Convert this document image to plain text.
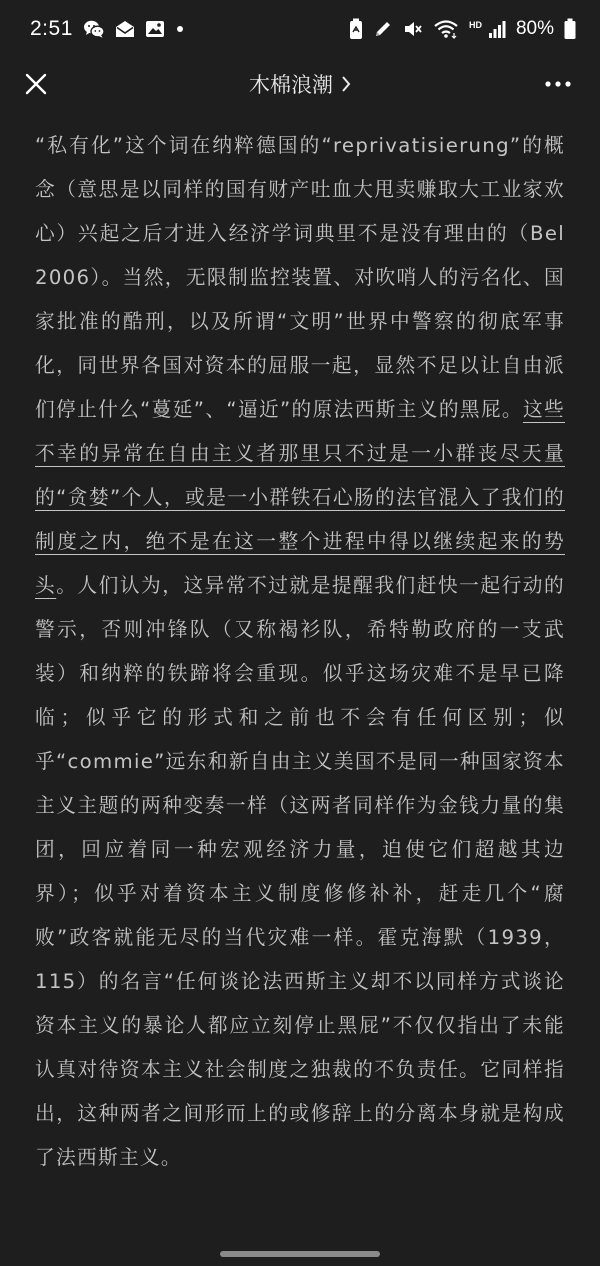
2:51	HD 80%
木棉浪潮

“私有化”这个词在纳粹德国的“reprivatisierung”的概念（意思是以同样的国有财产吐血大甩卖赚取大工业家欢心）兴起之后才进入经济学词典里不是没有理由的（Bel 2006）。当然，无限制监控装置、对吹哨人的污名化、国家批准的酷刑，以及所谓“文明”世界中警察的彻底军事化，同世界各国对资本的屈服一起，显然不足以让自由派们停止什么“蔓延”、“逼近”的原法西斯主义的黑屁。这些不幸的异常在自由主义者那里只不过是一小群丧尽天量的“贪婪”个人，或是一小群铁石心肠的法官混入了我们的制度之内，绝不是在这一整个进程中得以继续起来的势头。人们认为，这异常不过就是提醒我们赶快一起行动的警示，否则冲锋队（又称褐衫队，希特勒政府的一支武装）和纳粹的铁蹄将会重现。似乎这场灾难不是早已降临；似乎它的形式和之前也不会有任何区别；似乎“commie”远东和新自由主义美国不是同一种国家资本主义主题的两种变奏一样（这两者同样作为金钱力量的集团，回应着同一种宏观经济力量，迫使它们超越其边界）；似乎对着资本主义制度修修补补，赶走几个“腐败”政客就能无尽的当代灾难一样。霍克海默（1939，115）的名言“任何谈论法西斯主义却不以同样方式谈论资本主义的暴论人都应立刻停止黑屁”不仅仅指出了未能认真对待资本主义社会制度之独裁的不负责任。它同样指出，这种两者之间形而上的或修辞上的分离本身就是构成了法西斯主义。
